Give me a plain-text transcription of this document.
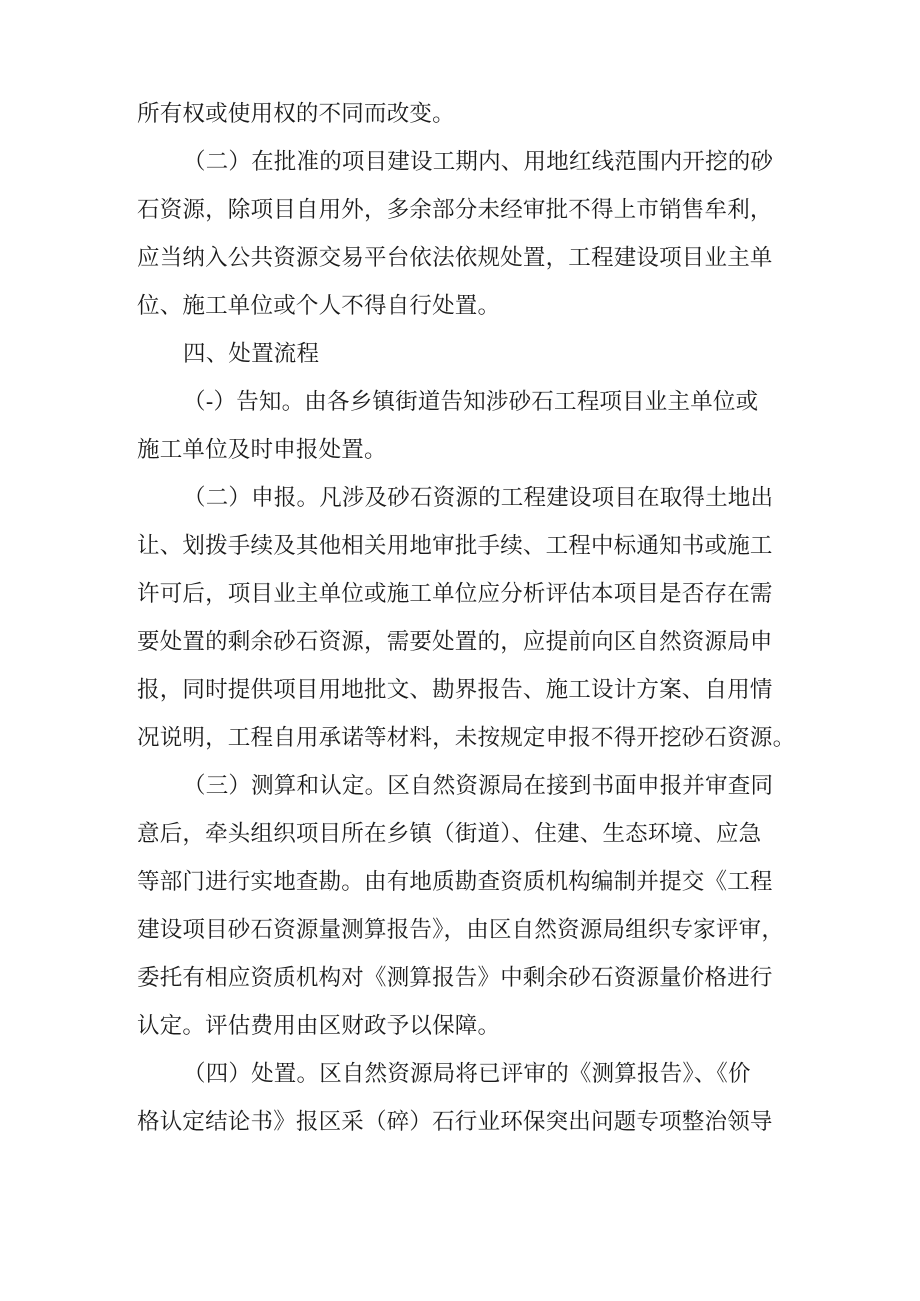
所有权或使用权的不同而改变。
（二）在批准的项目建设工期内、用地红线范围内开挖的砂
石资源，除项目自用外，多余部分未经审批不得上市销售牟利，
应当纳入公共资源交易平台依法依规处置，工程建设项目业主单
位、施工单位或个人不得自行处置。
四、处置流程
（-）告知。由各乡镇街道告知涉砂石工程项目业主单位或
施工单位及时申报处置。
（二）申报。凡涉及砂石资源的工程建设项目在取得土地出
让、划拨手续及其他相关用地审批手续、工程中标通知书或施工
许可后，项目业主单位或施工单位应分析评估本项目是否存在需
要处置的剩余砂石资源，需要处置的，应提前向区自然资源局申
报，同时提供项目用地批文、勘界报告、施工设计方案、自用情
况说明，工程自用承诺等材料，未按规定申报不得开挖砂石资源。
（三）测算和认定。区自然资源局在接到书面申报并审查同
意后，牵头组织项目所在乡镇（街道）、住建、生态环境、应急
等部门进行实地查勘。由有地质勘查资质机构编制并提交《工程
建设项目砂石资源量测算报告》，由区自然资源局组织专家评审，
委托有相应资质机构对《测算报告》中剩余砂石资源量价格进行
认定。评估费用由区财政予以保障。
（四）处置。区自然资源局将已评审的《测算报告》、《价
格认定结论书》报区采（碎）石行业环保突出问题专项整治领导
